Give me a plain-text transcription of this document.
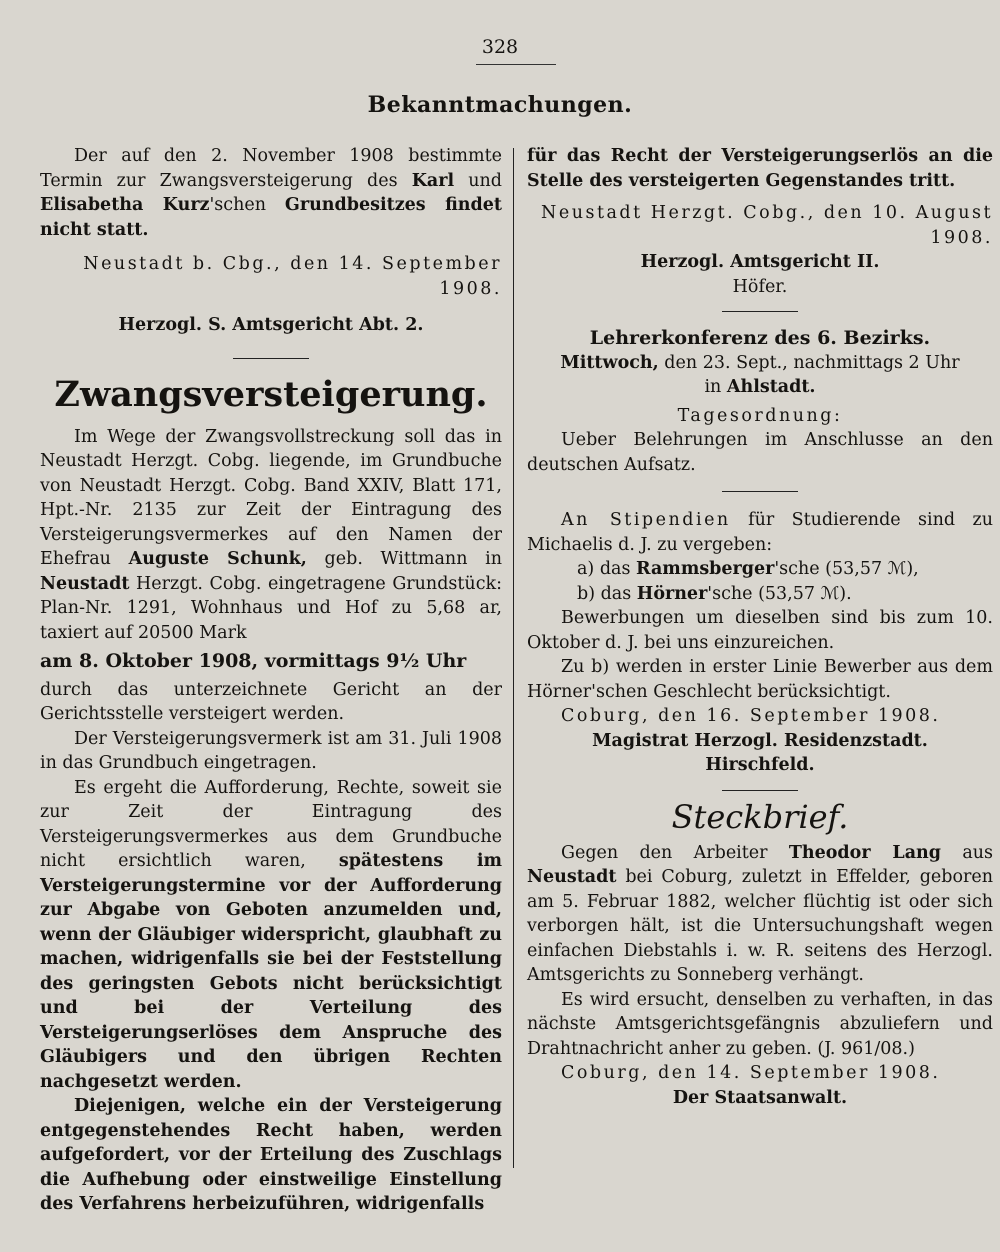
328
Bekanntmachungen.

Der auf den 2. November 1908 bestimmte Termin zur Zwangsversteigerung des Karl und Elisabetha Kurz'schen Grundbesitzes findet nicht statt.

Neustadt b. Cbg., den 14. September 1908.

Herzogl. S. Amtsgericht Abt. 2.

Zwangsversteigerung.

Im Wege der Zwangsvollstreckung soll das in Neustadt Herzgt. Cobg. liegende, im Grundbuche von Neustadt Herzgt. Cobg. Band XXIV, Blatt 171, Hpt.-Nr. 2135 zur Zeit der Eintragung des Versteigerungsvermerkes auf den Namen der Ehefrau Auguste Schunk, geb. Wittmann in Neustadt Herzgt. Cobg. eingetragene Grundstück: Plan-Nr. 1291, Wohnhaus und Hof zu 5,68 ar, taxiert auf 20500 Mark

am 8. Oktober 1908, vormittags 9½ Uhr

durch das unterzeichnete Gericht an der Gerichtsstelle versteigert werden.

Der Versteigerungsvermerk ist am 31. Juli 1908 in das Grundbuch eingetragen.

Es ergeht die Aufforderung, Rechte, soweit sie zur Zeit der Eintragung des Versteigerungsvermerkes aus dem Grundbuche nicht ersichtlich waren, spätestens im Versteigerungstermine vor der Aufforderung zur Abgabe von Geboten anzumelden und, wenn der Gläubiger widerspricht, glaubhaft zu machen, widrigenfalls sie bei der Feststellung des geringsten Gebots nicht berücksichtigt und bei der Verteilung des Versteigerungserlöses dem Anspruche des Gläubigers und den übrigen Rechten nachgesetzt werden.

Diejenigen, welche ein der Versteigerung entgegenstehendes Recht haben, werden aufgefordert, vor der Erteilung des Zuschlags die Aufhebung oder einstweilige Einstellung des Verfahrens herbeizuführen, widrigenfalls

für das Recht der Versteigerungserlös an die Stelle des versteigerten Gegenstandes tritt.

Neustadt Herzgt. Cobg., den 10. August 1908.

Herzogl. Amtsgericht II.

Höfer.

Lehrerkonferenz des 6. Bezirks.

Mittwoch, den 23. Sept., nachmittags 2 Uhr

in Ahlstadt.

Tagesordnung:

Ueber Belehrungen im Anschlusse an den deutschen Aufsatz.

An Stipendien für Studierende sind zu Michaelis d. J. zu vergeben:

a) das Rammsberger'sche (53,57 ℳ),

b) das Hörner'sche (53,57 ℳ).

Bewerbungen um dieselben sind bis zum 10. Oktober d. J. bei uns einzureichen.

Zu b) werden in erster Linie Bewerber aus dem Hörner'schen Geschlecht berücksichtigt.

Coburg, den 16. September 1908.

Magistrat Herzogl. Residenzstadt.

Hirschfeld.

Steckbrief.

Gegen den Arbeiter Theodor Lang aus Neustadt bei Coburg, zuletzt in Effelder, geboren am 5. Februar 1882, welcher flüchtig ist oder sich verborgen hält, ist die Untersuchungshaft wegen einfachen Diebstahls i. w. R. seitens des Herzogl. Amtsgerichts zu Sonneberg verhängt.

Es wird ersucht, denselben zu verhaften, in das nächste Amtsgerichtsgefängnis abzuliefern und Drahtnachricht anher zu geben. (J. 961/08.)

Coburg, den 14. September 1908.

Der Staatsanwalt.
